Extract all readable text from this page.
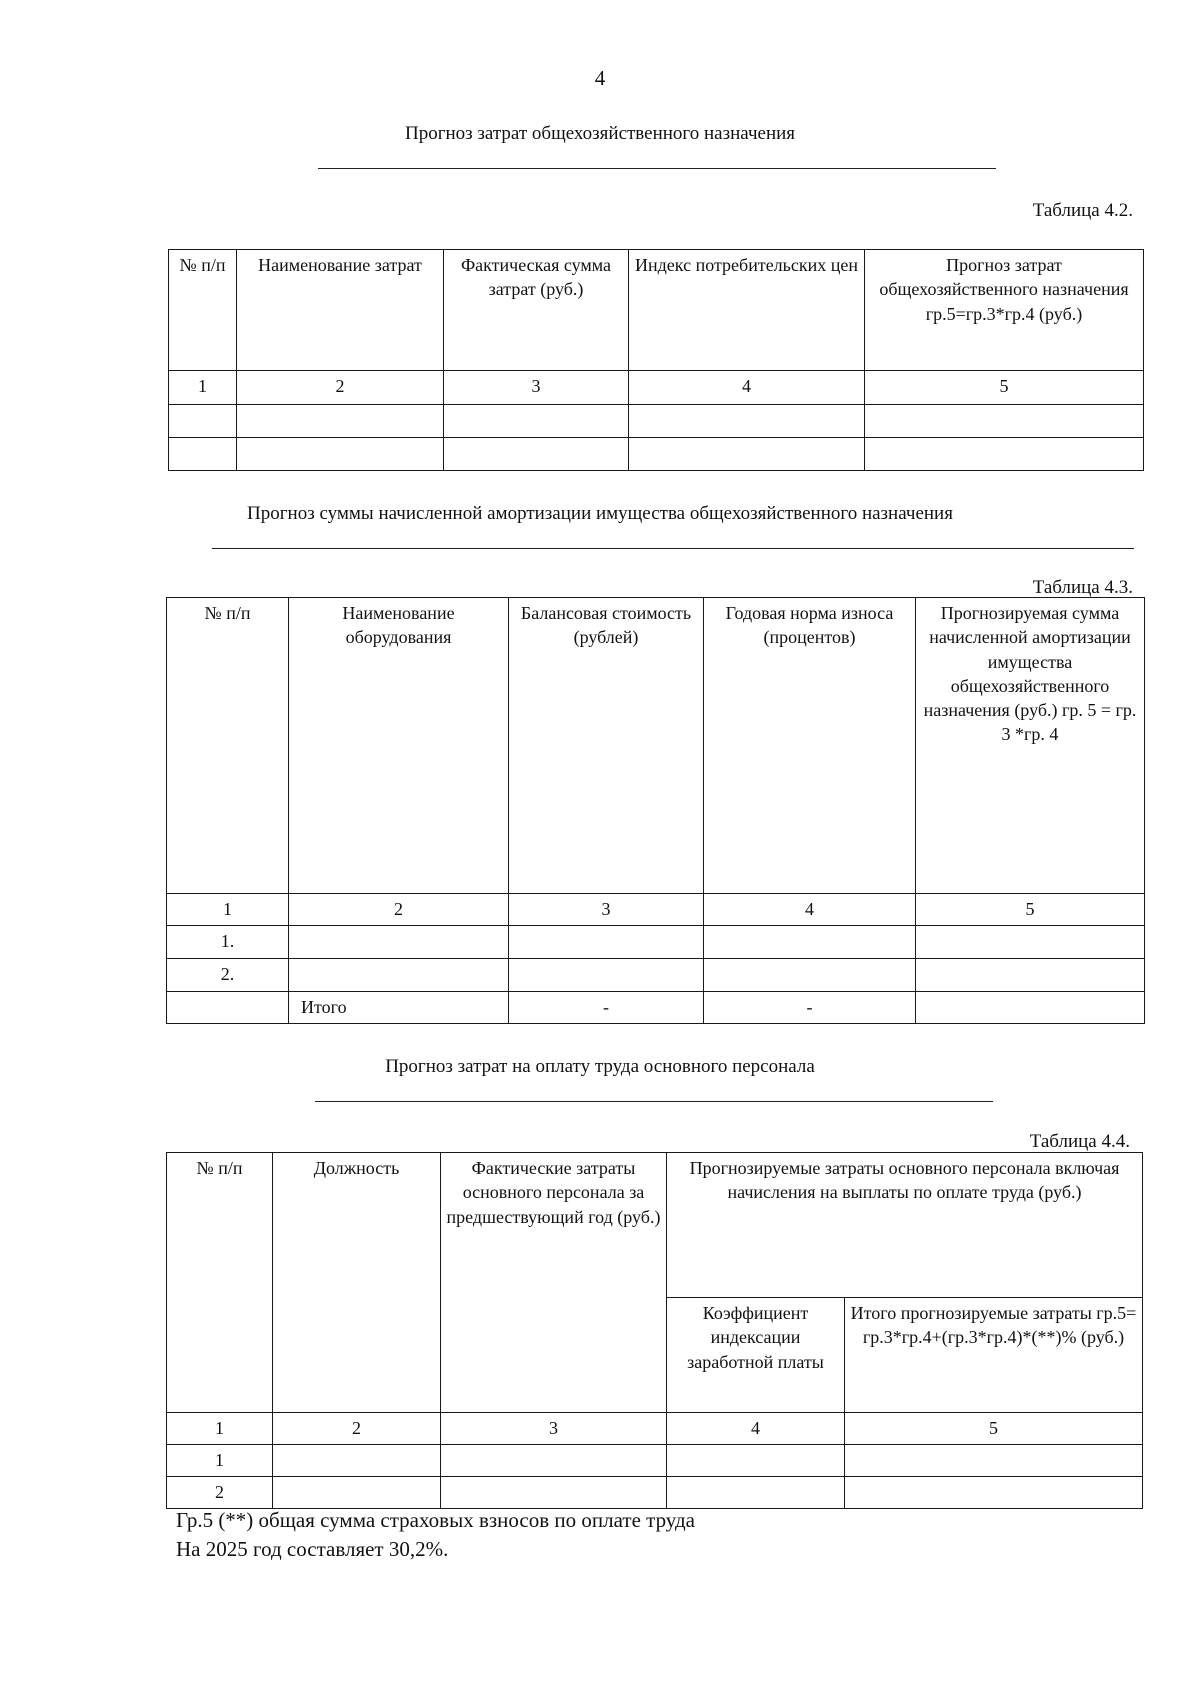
4
Прогноз затрат общехозяйственного назначения
Таблица 4.2.
№ п/п	Наименование затрат	Фактическая сумма затрат (руб.)	Индекс потребительских цен	Прогноз затрат общехозяйственного назначения гр.5=гр.3*гр.4 (руб.)
1	2	3	4	5

Прогноз суммы начисленной амортизации имущества общехозяйственного назначения
Таблица 4.3.
№ п/п	Наименование оборудования	Балансовая стоимость (рублей)	Годовая норма износа (процентов)	Прогнозируемая сумма начисленной амортизации имущества общехозяйственного назначения (руб.) гр. 5 = гр. 3 *гр. 4
1	2	3	4	5
1.				
2.				
	Итого	-	-	
Прогноз затрат на оплату труда основного персонала
Таблица 4.4.
№ п/п	Должность	Фактические затраты основного персонала за предшествующий год (руб.)	Прогнозируемые затраты основного персонала включая начисления на выплаты по оплате труда (руб.)	
			Коэффициент индексации заработной платы	Итого прогнозируемые затраты гр.5= гр.3*гр.4+(гр.3*гр.4)*(**)% (руб.)
1	2	3	4	5
1				
2				
Гр.5 (**) общая сумма страховых взносов по оплате труда
На 2025 год составляет 30,2%.
